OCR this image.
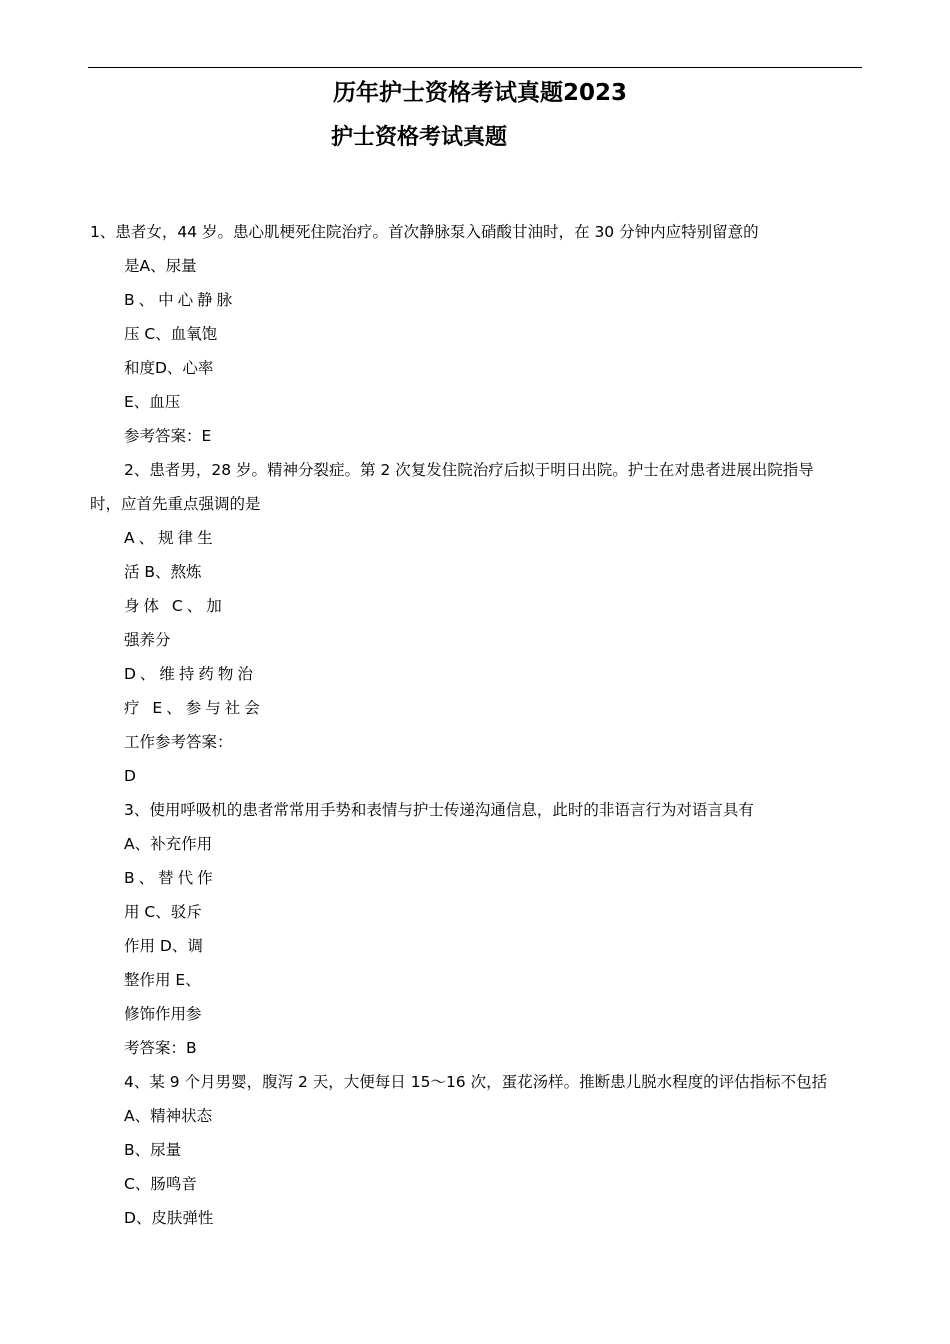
历年护士资格考试真题2023
护士资格考试真题
1、患者女，44 岁。患心肌梗死住院治疗。首次静脉泵入硝酸甘油时，在 30 分钟内应特别留意的
是A、尿量
B、中心静脉
压 C、血氧饱
和度D、心率
E、血压
参考答案：E
2、患者男，28 岁。精神分裂症。第 2 次复发住院治疗后拟于明日出院。护士在对患者进展出院指导
时，应首先重点强调的是
A、规律生
活 B、熬炼
身体 C、加
强养分
D、维持药物治
疗 E、参与社会
工作参考答案：
D
3、使用呼吸机的患者常常用手势和表情与护士传递沟通信息，此时的非语言行为对语言具有
A、补充作用
B、替代作
用 C、驳斥
作用 D、调
整作用 E、
修饰作用参
考答案：B
4、某 9 个月男婴，腹泻 2 天，大便每日 15～16 次，蛋花汤样。推断患儿脱水程度的评估指标不包括
A、精神状态
B、尿量
C、肠鸣音
D、皮肤弹性
